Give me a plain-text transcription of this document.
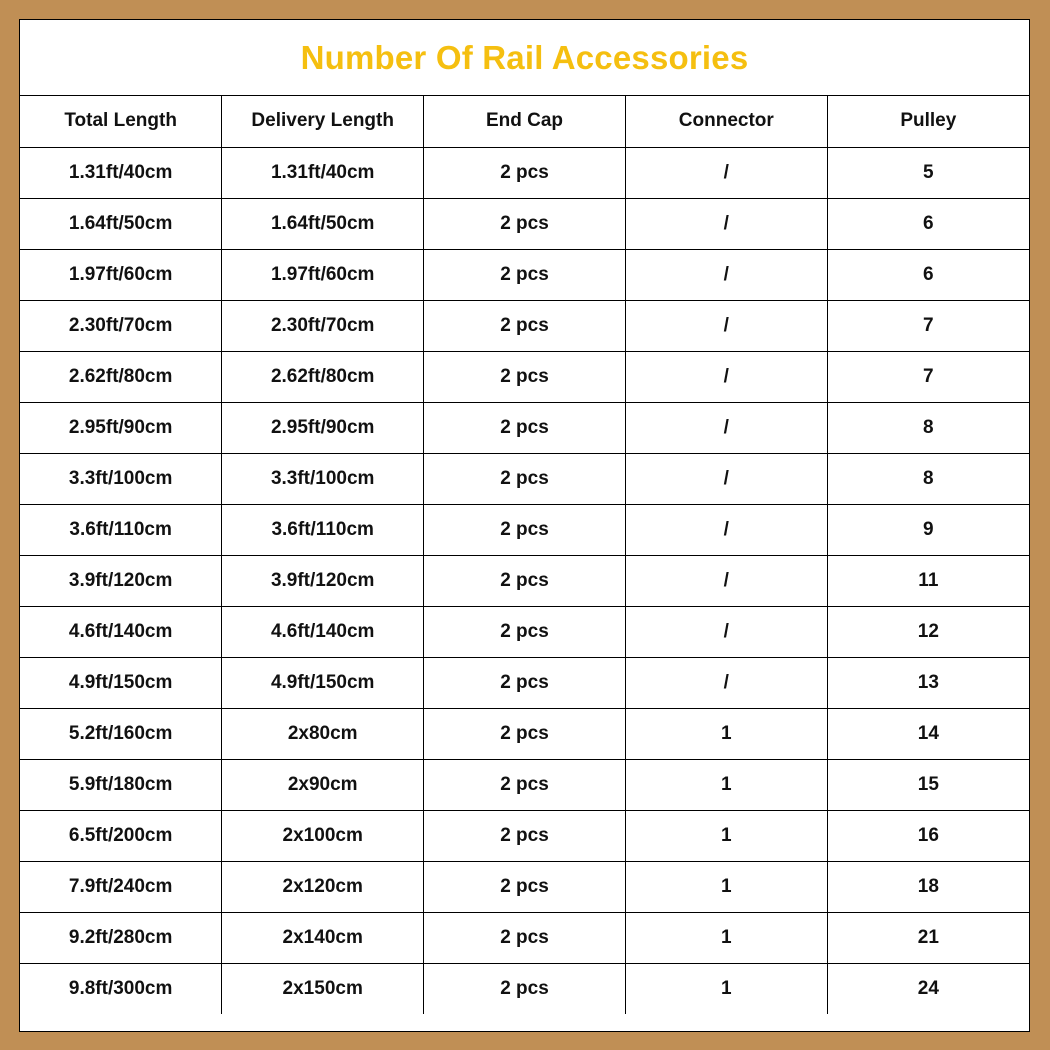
Number Of Rail Accessories
Total Length	Delivery Length	End Cap	Connector	Pulley
1.31ft/40cm	1.31ft/40cm	2 pcs	/	5
1.64ft/50cm	1.64ft/50cm	2 pcs	/	6
1.97ft/60cm	1.97ft/60cm	2 pcs	/	6
2.30ft/70cm	2.30ft/70cm	2 pcs	/	7
2.62ft/80cm	2.62ft/80cm	2 pcs	/	7
2.95ft/90cm	2.95ft/90cm	2 pcs	/	8
3.3ft/100cm	3.3ft/100cm	2 pcs	/	8
3.6ft/110cm	3.6ft/110cm	2 pcs	/	9
3.9ft/120cm	3.9ft/120cm	2 pcs	/	11
4.6ft/140cm	4.6ft/140cm	2 pcs	/	12
4.9ft/150cm	4.9ft/150cm	2 pcs	/	13
5.2ft/160cm	2x80cm	2 pcs	1	14
5.9ft/180cm	2x90cm	2 pcs	1	15
6.5ft/200cm	2x100cm	2 pcs	1	16
7.9ft/240cm	2x120cm	2 pcs	1	18
9.2ft/280cm	2x140cm	2 pcs	1	21
9.8ft/300cm	2x150cm	2 pcs	1	24
